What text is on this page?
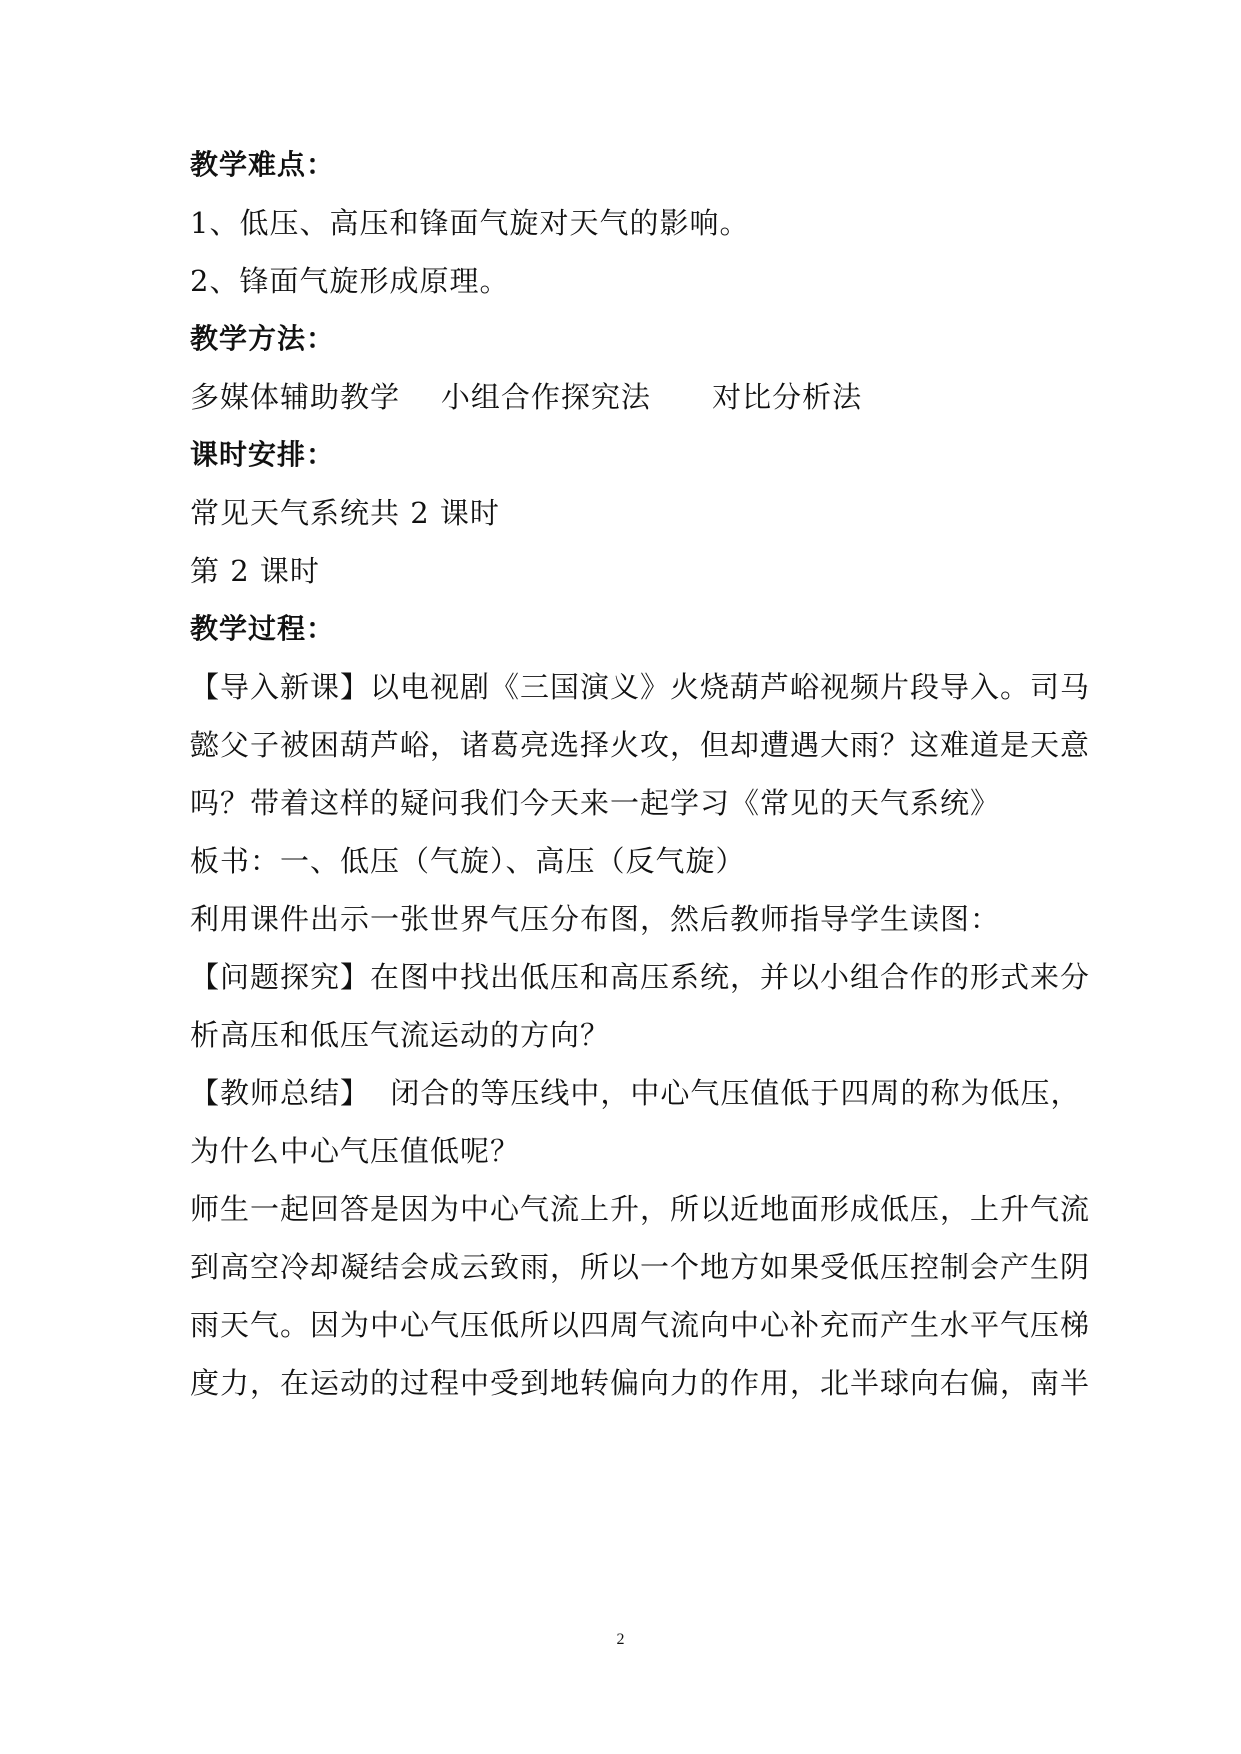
教学难点：
1、低压、高压和锋面气旋对天气的影响。
2、锋面气旋形成原理。
教学方法：
多媒体辅助教学    小组合作探究法      对比分析法
课时安排：
常见天气系统共 2 课时
第 2 课时
教学过程：
【导入新课】以电视剧《三国演义》火烧葫芦峪视频片段导入。司马
懿父子被困葫芦峪，诸葛亮选择火攻，但却遭遇大雨？这难道是天意
吗？带着这样的疑问我们今天来一起学习《常见的天气系统》
板书：一、低压（气旋）、高压（反气旋）
利用课件出示一张世界气压分布图，然后教师指导学生读图：
【问题探究】在图中找出低压和高压系统，并以小组合作的形式来分
析高压和低压气流运动的方向？
【教师总结】  闭合的等压线中，中心气压值低于四周的称为低压，
为什么中心气压值低呢？
师生一起回答是因为中心气流上升，所以近地面形成低压，上升气流
到高空冷却凝结会成云致雨，所以一个地方如果受低压控制会产生阴
雨天气。因为中心气压低所以四周气流向中心补充而产生水平气压梯
度力，在运动的过程中受到地转偏向力的作用，北半球向右偏，南半
2
